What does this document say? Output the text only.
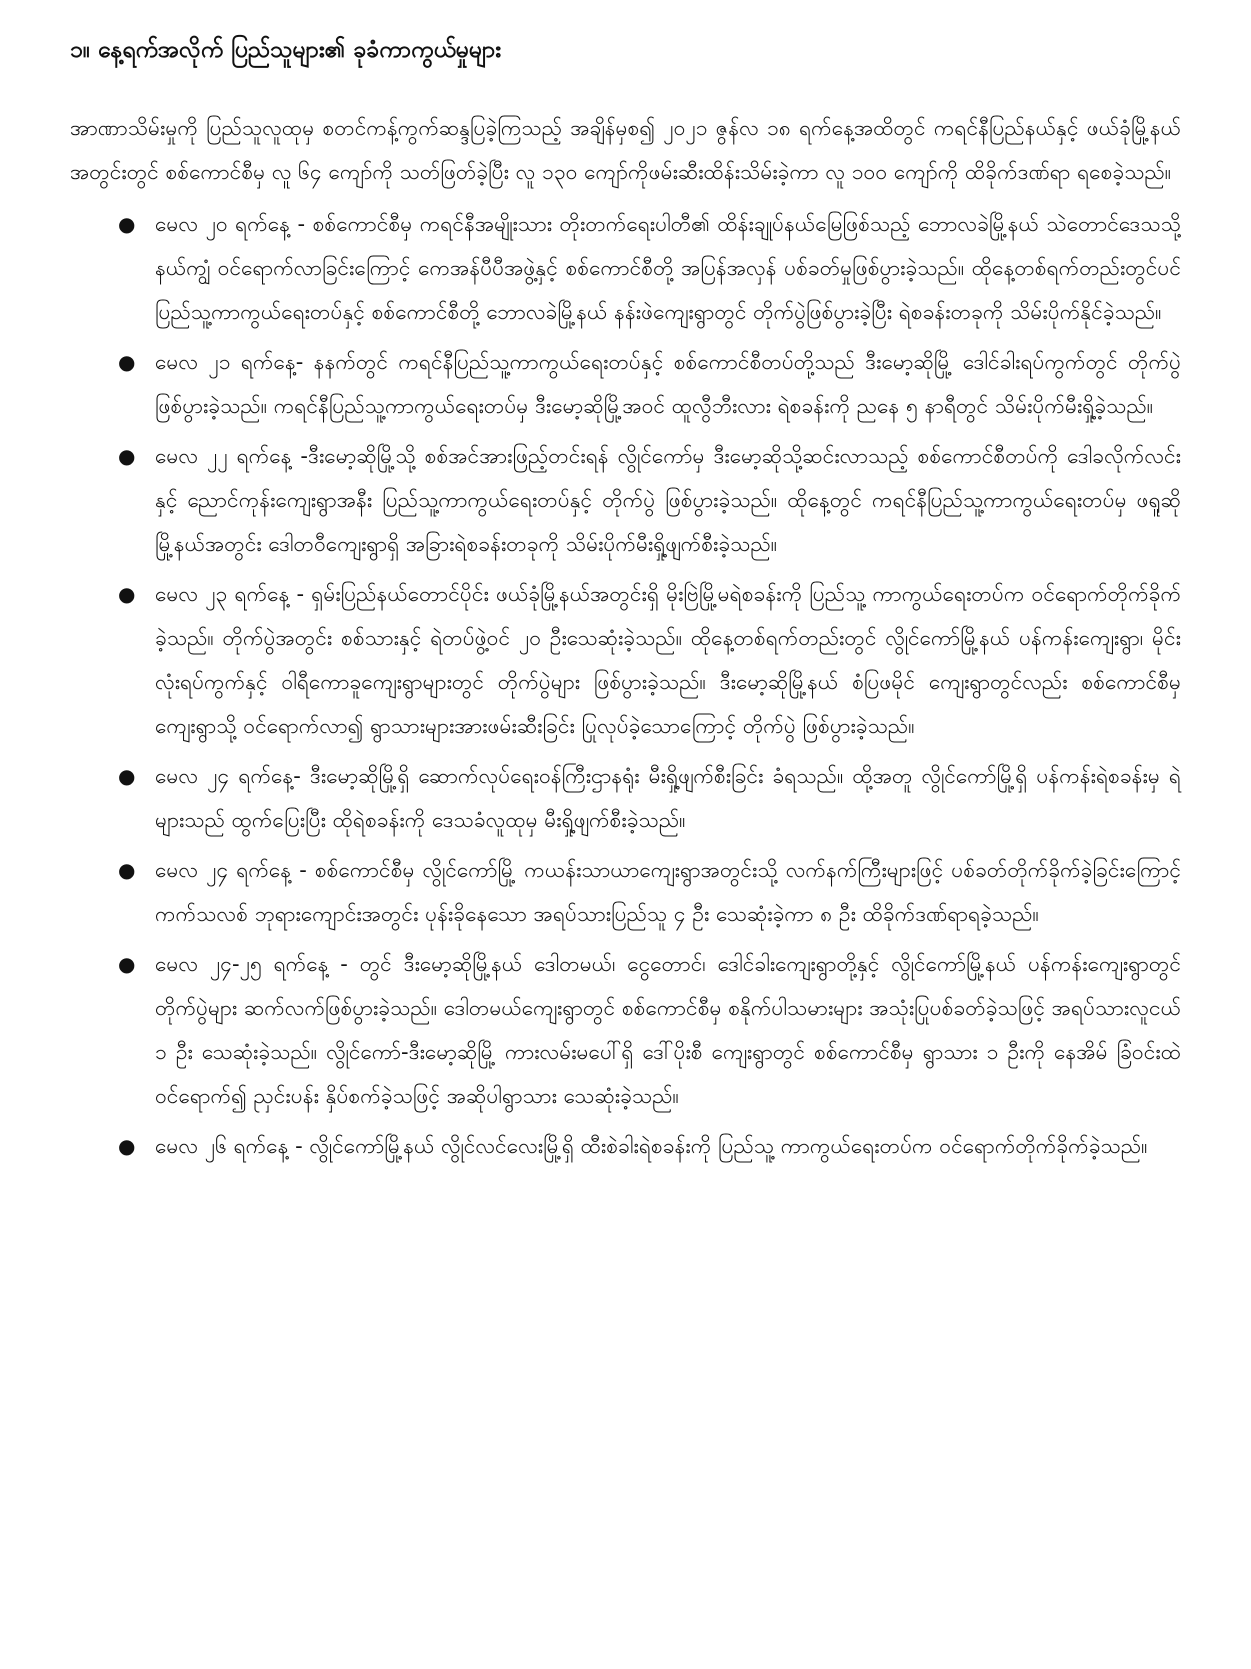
၁။ နေ့ရက်အလိုက် ပြည်သူများ၏ ခုခံကာကွယ်မှုများ

အာဏာသိမ်းမှုကို ပြည်သူလူထုမှ စတင်ကန့်ကွက်ဆန္ဒပြခဲ့ကြသည့် အချိန်မှစ၍ ၂၀၂၁ ဇွန်လ ၁၈ ရက်နေ့အထိတွင် ကရင်နီပြည်နယ်နှင့် ဖယ်ခုံမြို့နယ်အတွင်းတွင် စစ်ကောင်စီမှ လူ ၆၄ ကျော်ကို သတ်ဖြတ်ခဲ့ပြီး လူ ၁၃၀ ကျော်ကိုဖမ်းဆီးထိန်းသိမ်းခဲ့ကာ လူ ၁၀၀ ကျော်ကို ထိခိုက်ဒဏ်ရာ ရစေခဲ့သည်။

● မေလ ၂၀ ရက်နေ့ - စစ်ကောင်စီမှ ကရင်နီအမျိုးသား တိုးတက်ရေးပါတီ၏ ထိန်းချုပ်နယ်မြေဖြစ်သည့် ဘောလခဲမြို့နယ် သဲတောင်ဒေသသို့ နယ်ကျွံ ဝင်ရောက်လာခြင်းကြောင့် ကေအန်ပီပီအဖွဲ့နှင့် စစ်ကောင်စီတို့ အပြန်အလှန် ပစ်ခတ်မှုဖြစ်ပွားခဲ့သည်။ ထိုနေ့တစ်ရက်တည်းတွင်ပင် ပြည်သူ့ကာကွယ်ရေးတပ်နှင့် စစ်ကောင်စီတို့ ဘောလခဲမြို့နယ် နန်းဖဲကျေးရွာတွင် တိုက်ပွဲဖြစ်ပွားခဲ့ပြီး ရဲစခန်းတခုကို သိမ်းပိုက်နိုင်ခဲ့သည်။
● မေလ ၂၁ ရက်နေ့- နနက်တွင် ကရင်နီပြည်သူ့ကာကွယ်ရေးတပ်နှင့် စစ်ကောင်စီတပ်တို့သည် ဒီးမော့ဆိုမြို့ ဒေါင်ခါးရပ်ကွက်တွင် တိုက်ပွဲဖြစ်ပွားခဲ့သည်။ ကရင်နီပြည်သူ့ကာကွယ်ရေးတပ်မှ ဒီးမော့ဆိုမြို့အဝင် ထူလွီဘီးလား ရဲစခန်းကို ညနေ ၅ နာရီတွင် သိမ်းပိုက်မီးရှို့ခဲ့သည်။
● မေလ ၂၂ ရက်နေ့ -ဒီးမော့ဆိုမြို့သို့ စစ်အင်အားဖြည့်တင်းရန် လွိုင်ကော်မှ ဒီးမော့ဆိုသို့ဆင်းလာသည့် စစ်ကောင်စီတပ်ကို ဒေါခလိုက်လင်းနှင့် ညောင်ကုန်းကျေးရွာအနီး ပြည်သူ့ကာကွယ်ရေးတပ်နှင့် တိုက်ပွဲ ဖြစ်ပွားခဲ့သည်။ ထိုနေ့တွင် ကရင်နီပြည်သူ့ကာကွယ်ရေးတပ်မှ ဖရူဆိုမြို့နယ်အတွင်း ဒေါတဝီကျေးရွာရှိ အခြားရဲစခန်းတခုကို သိမ်းပိုက်မီးရှို့ဖျက်စီးခဲ့သည်။
● မေလ ၂၃ ရက်နေ့ - ရှမ်းပြည်နယ်တောင်ပိုင်း ဖယ်ခုံမြို့နယ်အတွင်းရှိ မိုးဗြဲမြို့မရဲစခန်းကို ပြည်သူ့ ကာကွယ်ရေးတပ်က ဝင်ရောက်တိုက်ခိုက်ခဲ့သည်။ တိုက်ပွဲအတွင်း စစ်သားနှင့် ရဲတပ်ဖွဲ့ဝင် ၂၀ ဦးသေဆုံးခဲ့သည်။ ထိုနေ့တစ်ရက်တည်းတွင် လွိုင်ကော်မြို့နယ် ပန်ကန်းကျေးရွာ၊ မိုင်းလုံးရပ်ကွက်နှင့် ဝါရီကောခူကျေးရွာများတွင် တိုက်ပွဲများ ဖြစ်ပွားခဲ့သည်။ ဒီးမော့ဆိုမြို့နယ် စံပြဖမိုင် ကျေးရွာတွင်လည်း စစ်ကောင်စီမှ ကျေးရွာသို့ ဝင်ရောက်လာ၍ ရွာသားများအားဖမ်းဆီးခြင်း ပြုလုပ်ခဲ့သောကြောင့် တိုက်ပွဲ ဖြစ်ပွားခဲ့သည်။
● မေလ ၂၄ ရက်နေ့- ဒီးမော့ဆိုမြို့ရှိ ဆောက်လုပ်ရေးဝန်ကြီးဌာနရုံး မီးရှို့ဖျက်စီးခြင်း ခံရသည်။ ထို့အတူ လွိုင်ကော်မြို့ရှိ ပန်ကန်းရဲစခန်းမှ ရဲများသည် ထွက်ပြေးပြီး ထိုရဲစခန်းကို ဒေသခံလူထုမှ မီးရှို့ဖျက်စီးခဲ့သည်။
● မေလ ၂၄ ရက်နေ့ - စစ်ကောင်စီမှ လွိုင်ကော်မြို့ ကယန်းသာယာကျေးရွာအတွင်းသို့ လက်နက်ကြီးများဖြင့် ပစ်ခတ်တိုက်ခိုက်ခဲ့ခြင်းကြောင့် ကက်သလစ် ဘုရားကျောင်းအတွင်း ပုန်းခိုနေသော အရပ်သားပြည်သူ ၄ ဦး သေဆုံးခဲ့ကာ ၈ ဦး ထိခိုက်ဒဏ်ရာရခဲ့သည်။
● မေလ ၂၄-၂၅ ရက်နေ့ - တွင် ဒီးမော့ဆိုမြို့နယ် ဒေါတမယ်၊ ငွေတောင်၊ ဒေါင်ခါးကျေးရွာတို့နှင့် လွိုင်ကော်မြို့နယ် ပန်ကန်းကျေးရွာတွင် တိုက်ပွဲများ ဆက်လက်ဖြစ်ပွားခဲ့သည်။ ဒေါတမယ်ကျေးရွာတွင် စစ်ကောင်စီမှ စနိုက်ပါသမားများ အသုံးပြုပစ်ခတ်ခဲ့သဖြင့် အရပ်သားလူငယ် ၁ ဦး သေဆုံးခဲ့သည်။ လွိုင်ကော်-ဒီးမော့ဆိုမြို့ ကားလမ်းမပေါ်ရှိ ဒေါ်ပိုးစီ ကျေးရွာတွင် စစ်ကောင်စီမှ ရွာသား ၁ ဦးကို နေအိမ် ခြံဝင်းထဲ ဝင်ရောက်၍ ညှင်းပန်း နှိပ်စက်ခဲ့သဖြင့် အဆိုပါရွာသား သေဆုံးခဲ့သည်။
● မေလ ၂၆ ရက်နေ့ - လွိုင်ကော်မြို့နယ် လွိုင်လင်လေးမြို့ရှိ ထီးစဲခါးရဲစခန်းကို ပြည်သူ့ ကာကွယ်ရေးတပ်က ဝင်ရောက်တိုက်ခိုက်ခဲ့သည်။
